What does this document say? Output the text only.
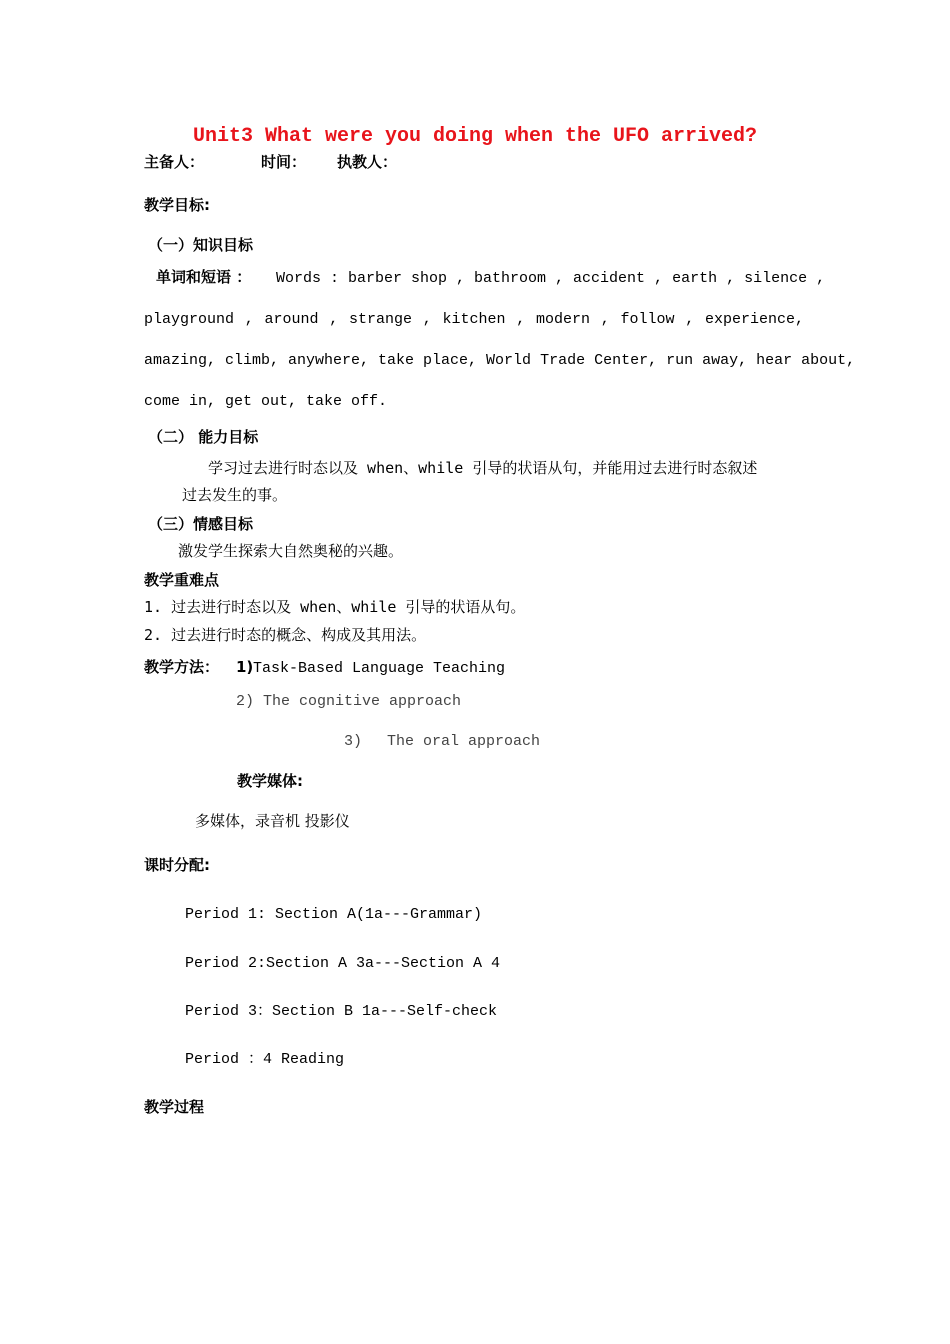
Unit3 What were you doing when the UFO arrived?
主备人：	时间： 执教人：
教学目标:
（一）知识目标
单词和短语 ： Words : barber shop , bathroom , accident , earth , silence ,
playground , around , strange , kitchen , modern , follow , experience,
amazing, climb, anywhere, take place, World Trade Center, run away, hear about,
come in, get out, take off.
（二） 能力目标
学习过去进行时态以及 when、while 引导的状语从句，并能用过去进行时态叙述
过去发生的事。
（三）情感目标
激发学生探索大自然奥秘的兴趣。
教学重难点
1. 过去进行时态以及 when、while 引导的状语从句。
2. 过去进行时态的概念、构成及其用法。
教学方法： 1) Task-Based Language Teaching
2) The cognitive approach
3) The oral approach
教学媒体:
多媒体，录音机 投影仪
课时分配:
Period 1: Section A(1a---Grammar)
Period 2:Section A 3a---Section A 4
Period 3：Section B 1a---Self-check
Period ：4 Reading
教学过程
